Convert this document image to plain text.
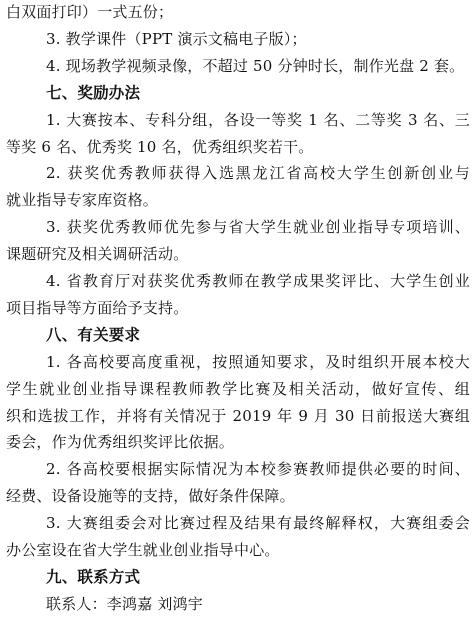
白双面打印）一式五份；
3. 教学课件（PPT 演示文稿电子版）；
4. 现场教学视频录像，不超过 50 分钟时长，制作光盘 2 套。
七、奖励办法
1. 大赛按本、专科分组，各设一等奖 1 名、二等奖 3 名、三
等奖 6 名、优秀奖 10 名，优秀组织奖若干。
2. 获奖优秀教师获得入选黑龙江省高校大学生创新创业与
就业指导专家库资格。
3. 获奖优秀教师优先参与省大学生就业创业指导专项培训、
课题研究及相关调研活动。
4. 省教育厅对获奖优秀教师在教学成果奖评比、大学生创业
项目指导等方面给予支持。
八、有关要求
1. 各高校要高度重视，按照通知要求，及时组织开展本校大
学生就业创业指导课程教师教学比赛及相关活动，做好宣传、组
织和选拔工作，并将有关情况于 2019 年 9 月 30 日前报送大赛组
委会，作为优秀组织奖评比依据。
2. 各高校要根据实际情况为本校参赛教师提供必要的时间、
经费、设备设施等的支持，做好条件保障。
3. 大赛组委会对比赛过程及结果有最终解释权，大赛组委会
办公室设在省大学生就业创业指导中心。
九、联系方式
联系人：李鸿嘉 刘鸿宇
